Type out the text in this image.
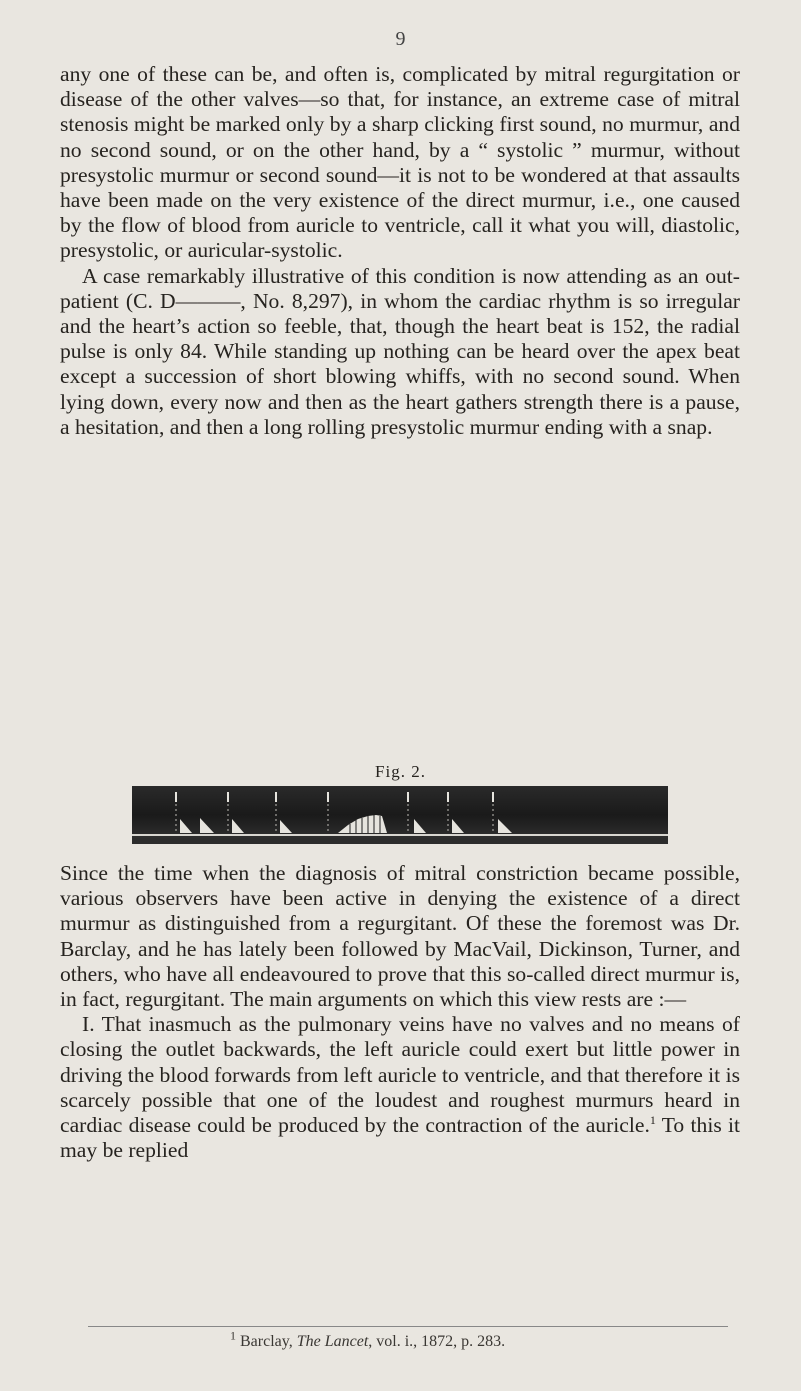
9

any one of these can be, and often is, complicated by mitral regurgitation or disease of the other valves—so that, for instance, an extreme case of mitral stenosis might be marked only by a sharp clicking first sound, no murmur, and no second sound, or on the other hand, by a “ systolic ” murmur, without presystolic murmur or second sound—it is not to be wondered at that assaults have been made on the very existence of the direct murmur, i.e., one caused by the flow of blood from auricle to ventricle, call it what you will, diastolic, presystolic, or auricular-systolic.

A case remarkably illustrative of this condition is now attending as an out-patient (C. D———, No. 8,297), in whom the cardiac rhythm is so irregular and the heart’s action so feeble, that, though the heart beat is 152, the radial pulse is only 84. While standing up nothing can be heard over the apex beat except a succession of short blowing whiffs, with no second sound. When lying down, every now and then as the heart gathers strength there is a pause, a hesitation, and then a long rolling presystolic murmur ending with a snap.

Fig. 2.

Since the time when the diagnosis of mitral constriction became possible, various observers have been active in denying the existence of a direct murmur as distinguished from a regurgitant. Of these the foremost was Dr. Barclay, and he has lately been followed by MacVail, Dickinson, Turner, and others, who have all endeavoured to prove that this so-called direct murmur is, in fact, regurgitant. The main arguments on which this view rests are :—

I. That inasmuch as the pulmonary veins have no valves and no means of closing the outlet backwards, the left auricle could exert but little power in driving the blood forwards from left auricle to ventricle, and that therefore it is scarcely possible that one of the loudest and roughest murmurs heard in cardiac disease could be produced by the contraction of the auricle.$^1$ To this it may be replied

$^1$ Barclay, The Lancet, vol. i., 1872, p. 283.
